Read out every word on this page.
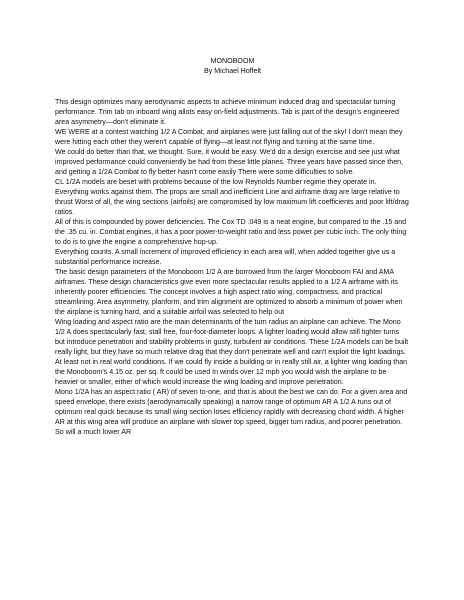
MONOBOOM
By Michael Hoffelt

This design optimizes many aerodynamic aspects to achieve minimum induced drag and spectacular turning performance. Trim tab on inboard wing allots easy on-field adjustments. Tab is part of the design's engineered area asymmetry—don't eliminate it.

WE WERE at a contest watching 1/2 A Combat, and airplanes were just falling out of the sky! I don't mean they were hitting each other they weren't capable of flying—at least not flying and turning at the same time.

We could do better than that, we thought. Sure, it would be easy. We'd do a design exercise and see just what improved performance could conveniently be had from these little planes. Three years have passed since then, and getting a 1/2A Combat to fly better hasn't come easily There were some difficulties to solve.

CL 1/2A models are beset with problems because of the low Reynolds Number regime they operate in. Everything works against them. The props are small and inefficient Line and airframe drag are large relative to thrust Worst of all, the wing sections (airfoils) are compromised by low maximum lift coefficients and poor lift/drag ratios.

All of this is compounded by power deficiencies. The Cox TD .049 is a neat engine, but compared to the .15 and the .35 cu. in. Combat engines, it has a poor power-to-weight ratio and less power per cubic inch. The only thing to do is to give the engine a comprehensive hop-up.

Everything counts. A small increment of improved efficiency in each area will, when added together give us a substantial performance increase.

The basic design parameters of the Monoboom 1/2 A are borrowed from the larger Monoboom FAI and AMA airframes. These design characteristics give even more spectacular results applied to a 1/2 A airframe with its inherently poorer efficiencies. The concept involves a high aspect ratio wing, compactness, and practical streamlining. Area asymmetry, planform, and trim alignment are optimized to absorb a minimum of power when the airplane is turning hard, and a suitable airfoil was selected to help out

Wing loading and aspect ratio are the main determinants of the turn radius an airplane can achieve. The Mono 1/2 A does spectacularly fast, stall free, four-foot-diameter loops. A lighter loading would allow still tighter turns but introduce penetration and stability problems in gusty, turbulent air conditions. These 1/2A models can be built really light, but they have so much relative drag that they don't penetrate well and can't exploit the light loadings. At least not in real world conditions. If we could fly inside a building or in really still air, a lighter wing loading than the Monoboom's 4.15 oz. per sq. ft could be used In winds over 12 mph you would wish the airplane to be heavier or smaller, either of which would increase the wing loading and improve penetration.

Mono 1/2A has an aspect ratio ( AR) of seven to-one, and that is about the best we can do. For a given area and speed envelope, there exists (aerodynamically speaking) a narrow range of optimum AR A 1/2 A runs out of optimum real quick because its small wing section loses efficiency rapidly with decreasing chord width. A higher AR at this wing area will produce an airplane with slower top speed, bigger turn radius, and poorer penetration. So will a much lower AR
